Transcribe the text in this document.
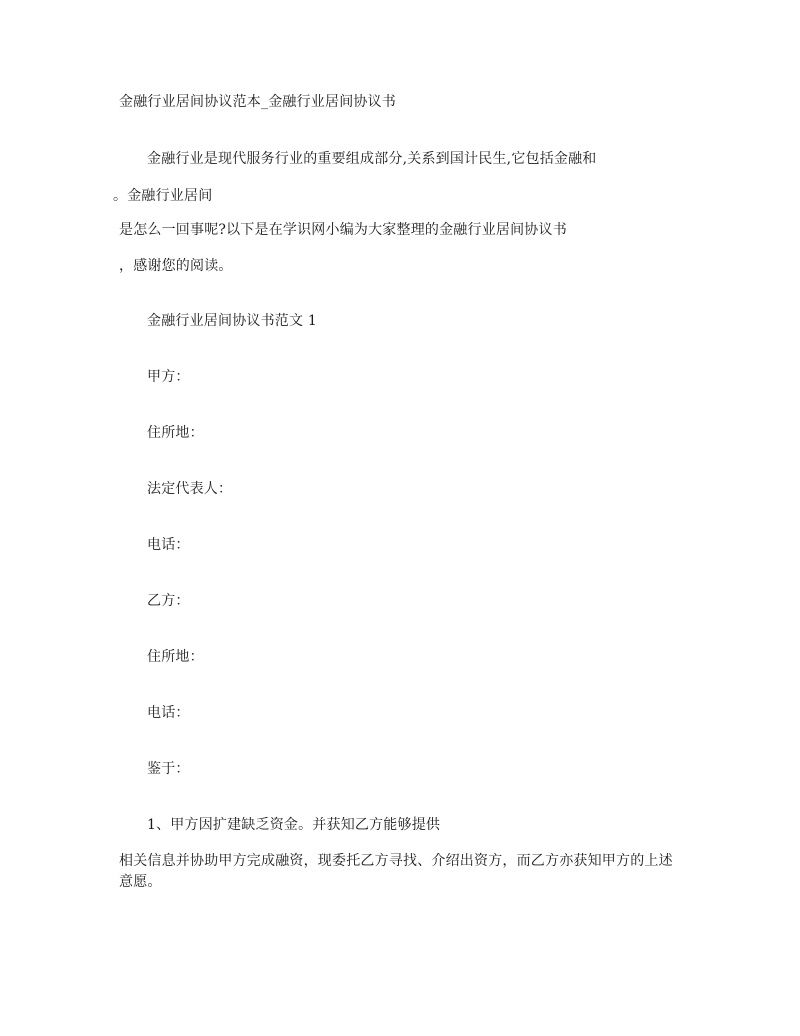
金融行业居间协议范本_金融行业居间协议书
金融行业是现代服务行业的重要组成部分,关系到国计民生,它包括金融和
。金融行业居间
是怎么一回事呢?以下是在学识网小编为大家整理的金融行业居间协议书
，感谢您的阅读。
金融行业居间协议书范文 1
甲方：
住所地：
法定代表人：
电话：
乙方：
住所地：
电话：
鉴于：
1、甲方因扩建缺乏资金。并获知乙方能够提供
相关信息并协助甲方完成融资，现委托乙方寻找、介绍出资方，而乙方亦获知甲方的上述
意愿。
